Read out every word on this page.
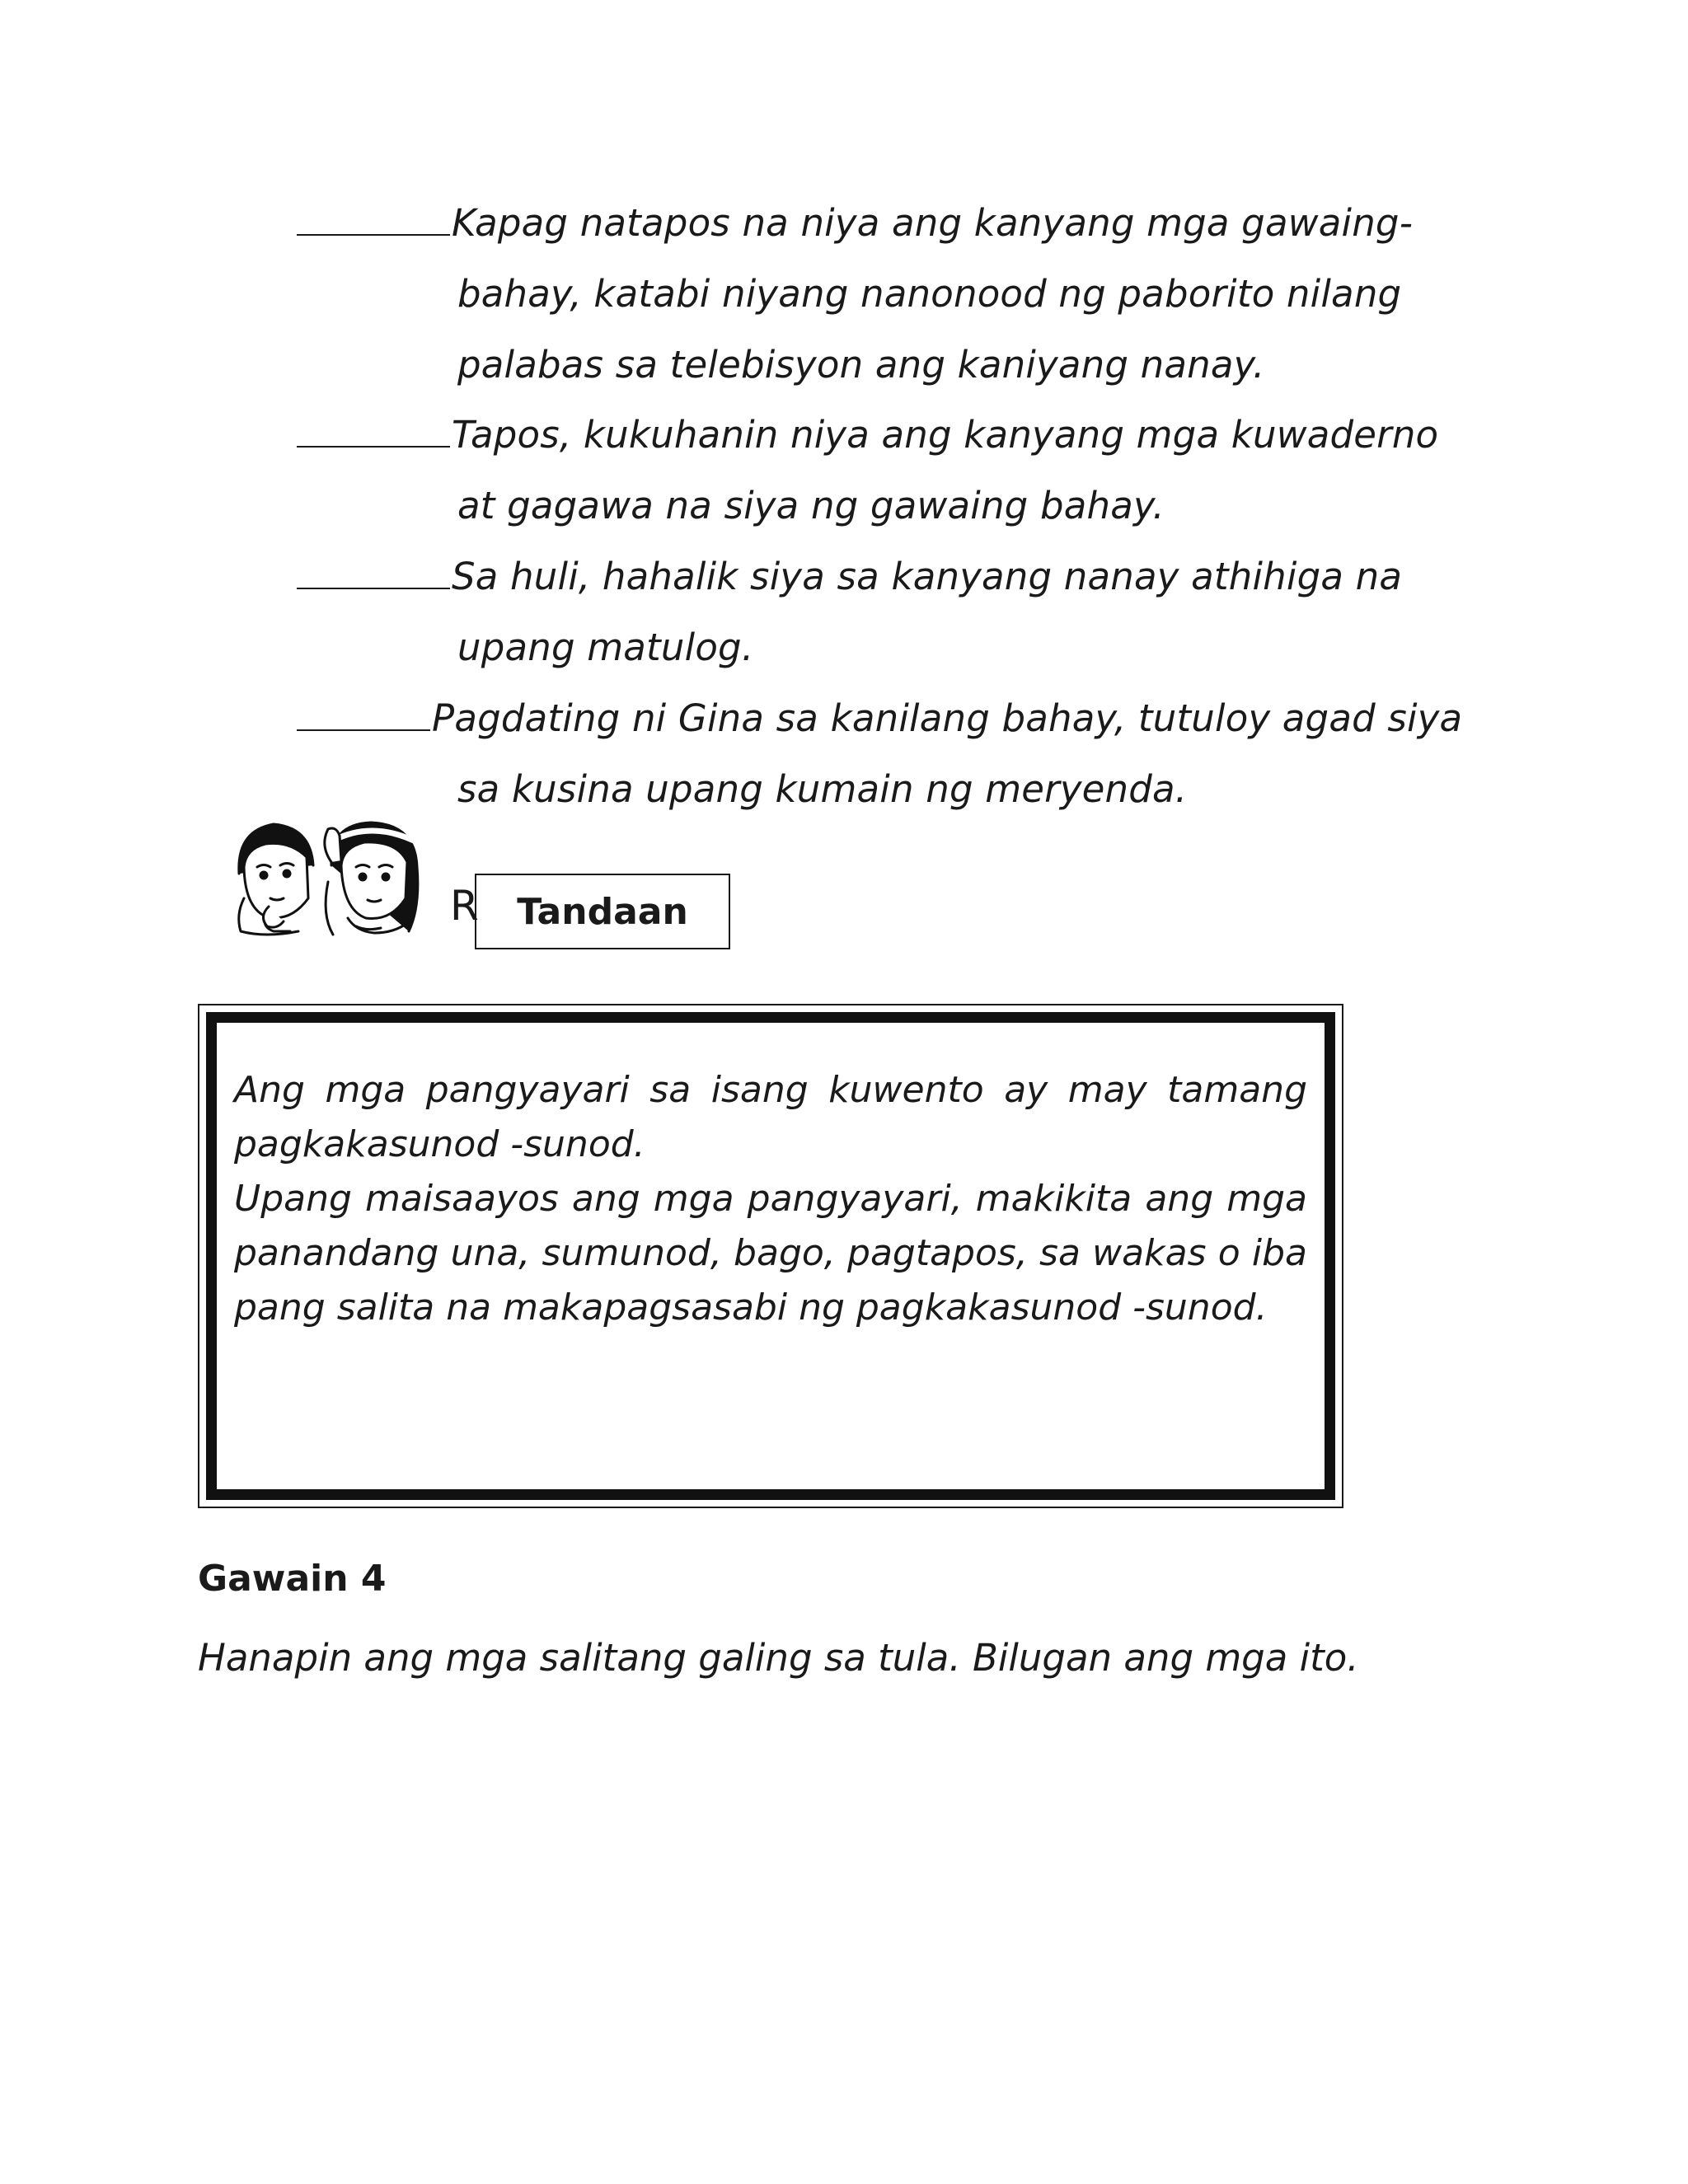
Kapag natapos na niya ang kanyang mga gawaing-
bahay, katabi niyang nanonood ng paborito nilang
palabas sa telebisyon ang kaniyang nanay.
Tapos, kukuhanin niya ang kanyang mga kuwaderno
at gagawa na siya ng gawaing bahay.
Sa huli, hahalik siya sa kanyang nanay athihiga na
upang matulog.
Pagdating ni Gina sa kanilang bahay, tutuloy agad siya
sa kusina upang kumain ng meryenda.
R	Tandaan

Ang mga pangyayari sa isang kuwento ay may tamang pagkakasunod -sunod.

Upang maisaayos ang mga pangyayari, makikita ang mga panandang una, sumunod, bago, pagtapos, sa wakas o iba pang salita na makapagsasabi ng pagkakasunod -sunod.

Gawain 4
Hanapin ang mga salitang galing sa tula. Bilugan ang mga ito.
